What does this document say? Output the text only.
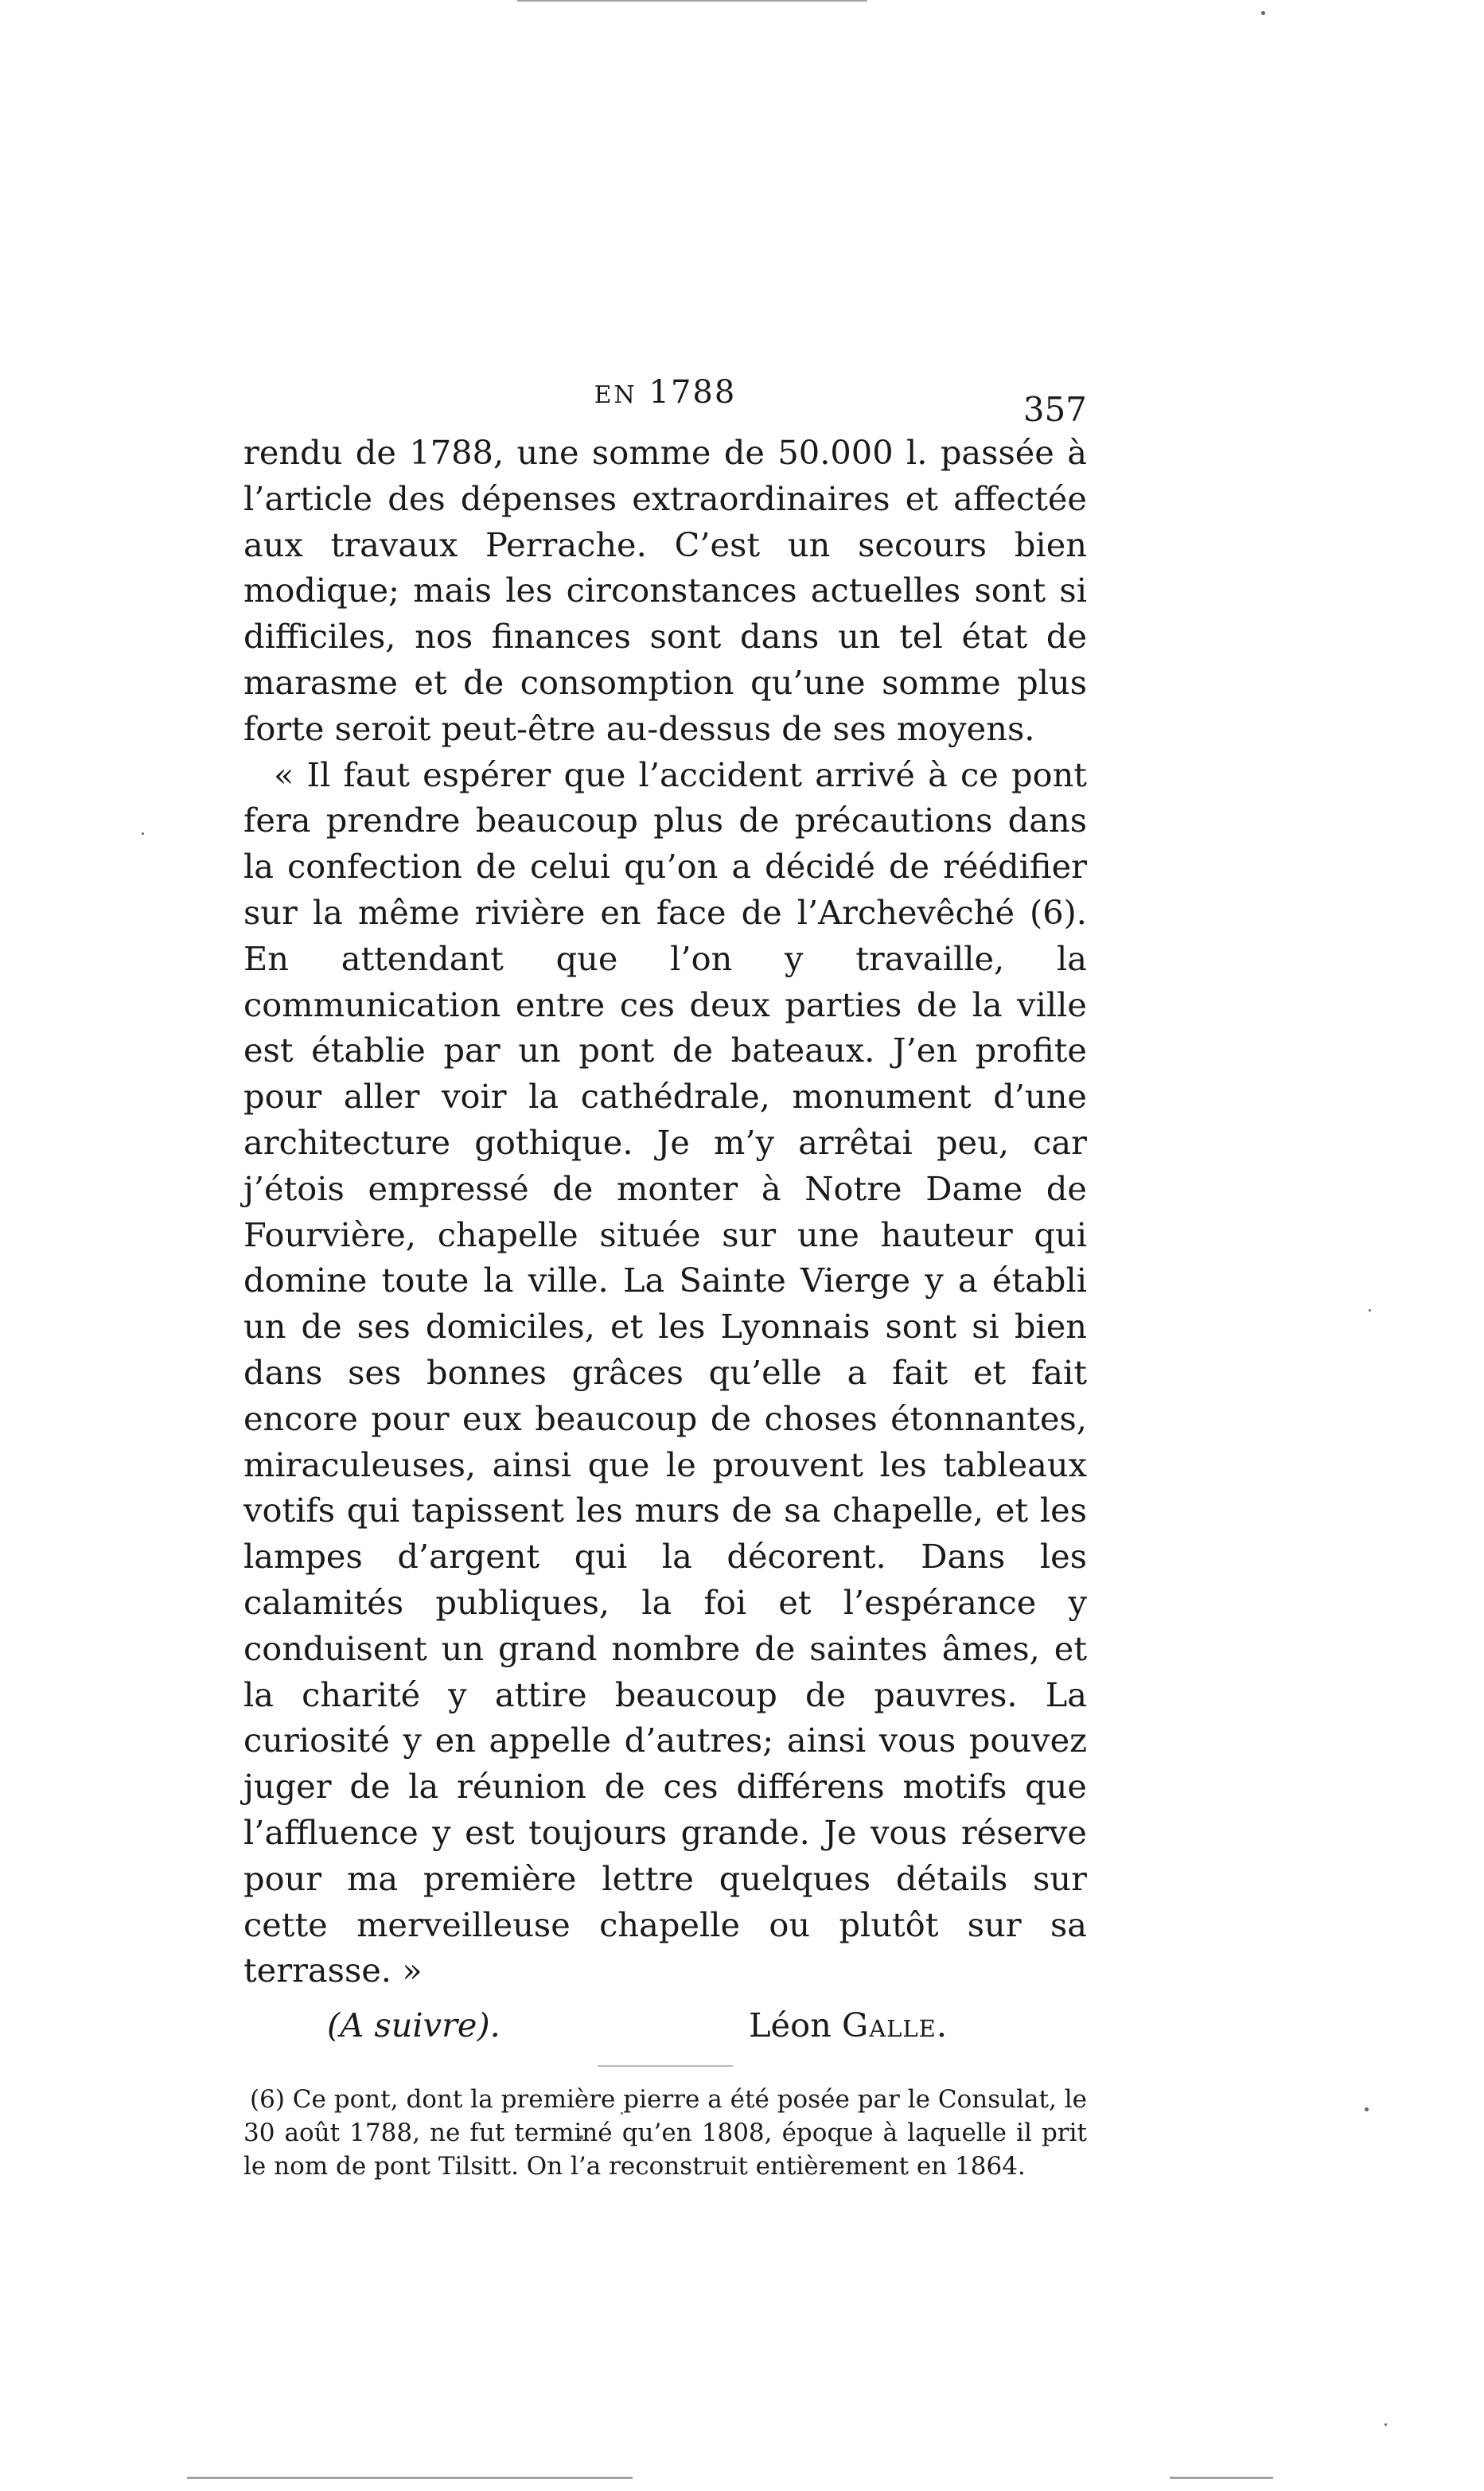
EN 1788	357

rendu de 1788, une somme de 50.000 l. passée à l’article des dépenses extraordinaires et affectée aux travaux Perrache. C’est un secours bien modique; mais les circonstances actuelles sont si difficiles, nos finances sont dans un tel état de marasme et de consomption qu’une somme plus forte seroit peut-être au-dessus de ses moyens.

« Il faut espérer que l’accident arrivé à ce pont fera prendre beaucoup plus de précautions dans la confection de celui qu’on a décidé de réédifier sur la même rivière en face de l’Archevêché (6). En attendant que l’on y travaille, la communication entre ces deux parties de la ville est établie par un pont de bateaux. J’en profite pour aller voir la cathédrale, monument d’une architecture gothique. Je m’y arrêtai peu, car j’étois empressé de monter à Notre Dame de Fourvière, chapelle située sur une hauteur qui domine toute la ville. La Sainte Vierge y a établi un de ses domiciles, et les Lyonnais sont si bien dans ses bonnes grâces qu’elle a fait et fait encore pour eux beaucoup de choses étonnantes, miraculeuses, ainsi que le prouvent les tableaux votifs qui tapissent les murs de sa chapelle, et les lampes d’argent qui la décorent. Dans les calamités publiques, la foi et l’espérance y conduisent un grand nombre de saintes âmes, et la charité y attire beaucoup de pauvres. La curiosité y en appelle d’autres; ainsi vous pouvez juger de la réunion de ces différens motifs que l’affluence y est toujours grande. Je vous réserve pour ma première lettre quelques détails sur cette merveilleuse chapelle ou plutôt sur sa terrasse. »

(A suivre).	Léon Galle.

(6) Ce pont, dont la première pierre a été posée par le Consulat, le 30 août 1788, ne fut terminé qu’en 1808, époque à laquelle il prit le nom de pont Tilsitt. On l’a reconstruit entièrement en 1864.
